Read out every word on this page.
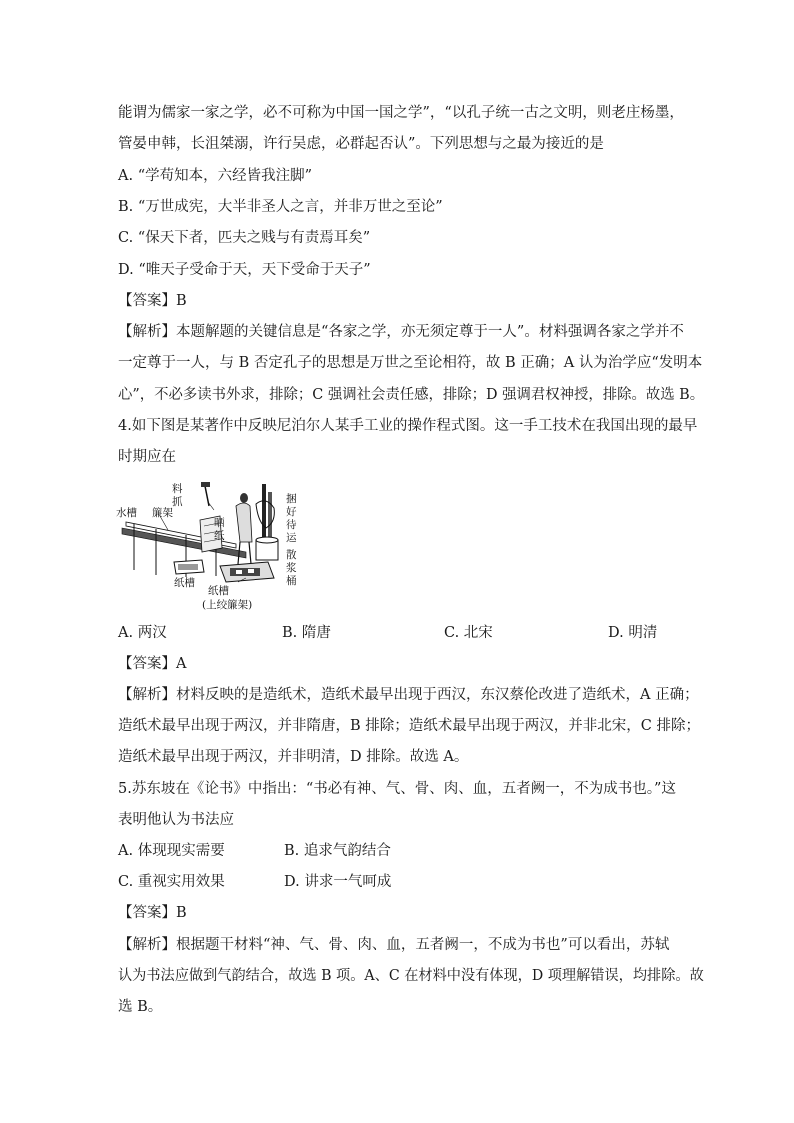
能谓为儒家一家之学，必不可称为中国一国之学”，“以孔子统一古之文明，则老庄杨墨，
管晏申韩，长沮桀溺，许行吴虑，必群起否认”。下列思想与之最为接近的是
A. “学苟知本，六经皆我注脚”
B. “万世成宪，大半非圣人之言，并非万世之至论”
C. “保天下者，匹夫之贱与有责焉耳矣”
D. “唯天子受命于天，天下受命于天子”
【答案】B
【解析】本题解题的关键信息是“各家之学，亦无须定尊于一人”。材料强调各家之学并不
一定尊于一人，与 B 否定孔子的思想是万世之至论相符，故 B 正确；A 认为治学应“发明本
心”，不必多读书外求，排除；C 强调社会责任感，排除；D 强调君权神授，排除。故选 B。
4.如下图是某著作中反映尼泊尔人某手工业的操作程式图。这一手工技术在我国出现的最早
时期应在
水槽 簾架
料抓
晒
纸
捆
好
待
运
散
浆
桶
纸槽
纸槽
(上绞簾架)
A. 两汉	B. 隋唐	C. 北宋	D. 明清
【答案】A
【解析】材料反映的是造纸术，造纸术最早出现于西汉，东汉蔡伦改进了造纸术，A 正确；
造纸术最早出现于两汉，并非隋唐，B 排除；造纸术最早出现于两汉，并非北宋，C 排除；
造纸术最早出现于两汉，并非明清，D 排除。故选 A。
5.苏东坡在《论书》中指出：“书必有神、气、骨、肉、血，五者阙一，不为成书也。”这
表明他认为书法应
A. 体现现实需要	B. 追求气韵结合
C. 重视实用效果	D. 讲求一气呵成
【答案】B
【解析】根据题干材料“神、气、骨、肉、血，五者阙一，不成为书也”可以看出，苏轼
认为书法应做到气韵结合，故选 B 项。A、C 在材料中没有体现，D 项理解错误，均排除。故
选 B。
